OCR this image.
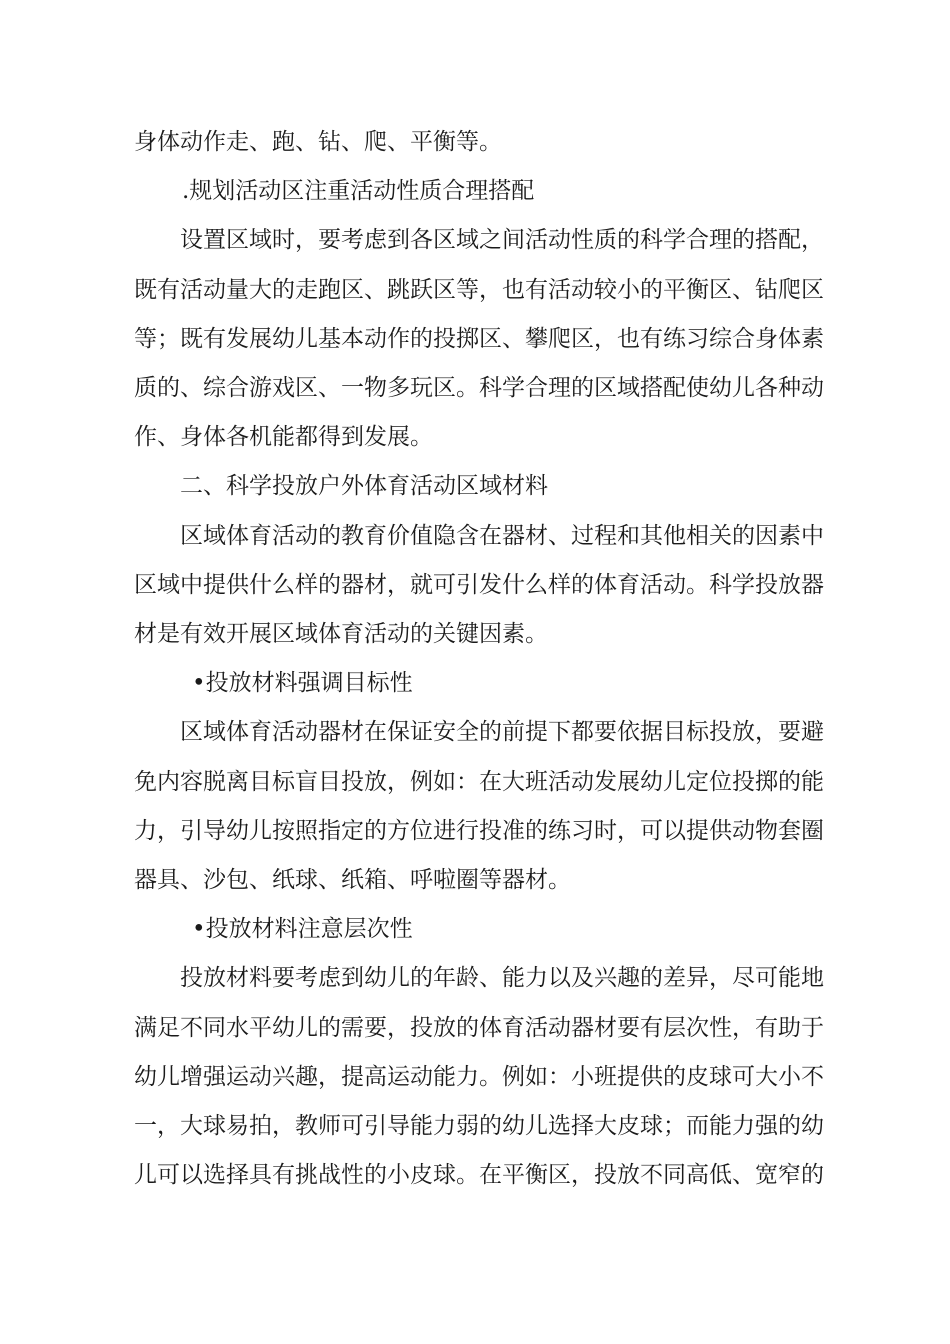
身体动作走、跑、钻、爬、平衡等。

.规划活动区注重活动性质合理搭配

设置区域时，要考虑到各区域之间活动性质的科学合理的搭配，既有活动量大的走跑区、跳跃区等，也有活动较小的平衡区、钻爬区等；既有发展幼儿基本动作的投掷区、攀爬区，也有练习综合身体素质的、综合游戏区、一物多玩区。科学合理的区域搭配使幼儿各种动作、身体各机能都得到发展。

二、科学投放户外体育活动区域材料

区域体育活动的教育价值隐含在器材、过程和其他相关的因素中区域中提供什么样的器材，就可引发什么样的体育活动。科学投放器材是有效开展区域体育活动的关键因素。

•投放材料强调目标性

区域体育活动器材在保证安全的前提下都要依据目标投放，要避免内容脱离目标盲目投放，例如：在大班活动发展幼儿定位投掷的能力，引导幼儿按照指定的方位进行投准的练习时，可以提供动物套圈器具、沙包、纸球、纸箱、呼啦圈等器材。

•投放材料注意层次性

投放材料要考虑到幼儿的年龄、能力以及兴趣的差异，尽可能地满足不同水平幼儿的需要，投放的体育活动器材要有层次性，有助于幼儿增强运动兴趣，提高运动能力。例如：小班提供的皮球可大小不一，大球易拍，教师可引导能力弱的幼儿选择大皮球；而能力强的幼儿可以选择具有挑战性的小皮球。在平衡区，投放不同高低、宽窄的
